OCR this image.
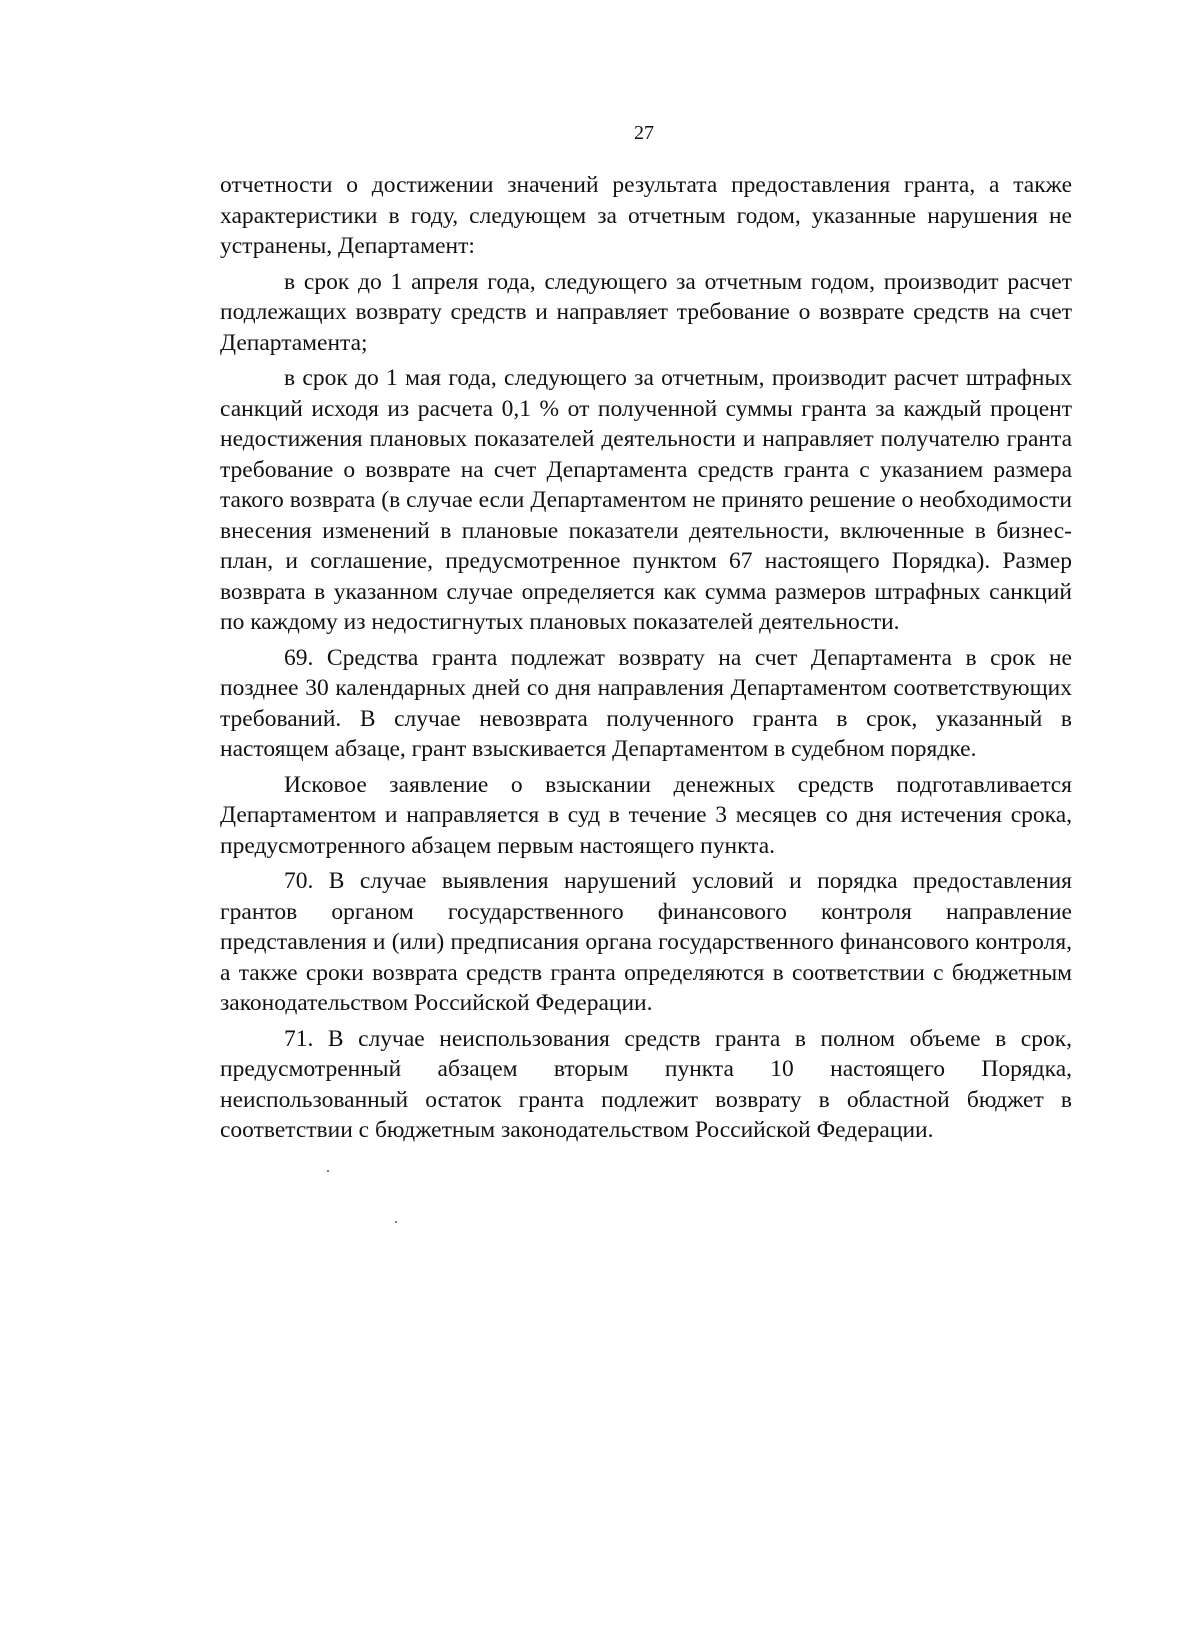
27

отчетности о достижении значений результата предоставления гранта, а также характеристики в году, следующем за отчетным годом, указанные нарушения не устранены, Департамент:

в срок до 1 апреля года, следующего за отчетным годом, производит расчет подлежащих возврату средств и направляет требование о возврате средств на счет Департамента;

в срок до 1 мая года, следующего за отчетным, производит расчет штрафных санкций исходя из расчета 0,1 % от полученной суммы гранта за каждый процент недостижения плановых показателей деятельности и направляет получателю гранта требование о возврате на счет Департамента средств гранта с указанием размера такого возврата (в случае если Департаментом не принято решение о необходимости внесения изменений в плановые показатели деятельности, включенные в бизнес-план, и соглашение, предусмотренное пунктом 67 настоящего Порядка). Размер возврата в указанном случае определяется как сумма размеров штрафных санкций по каждому из недостигнутых плановых показателей деятельности.

69. Средства гранта подлежат возврату на счет Департамента в срок не позднее 30 календарных дней со дня направления Департаментом соответствующих требований. В случае невозврата полученного гранта в срок, указанный в настоящем абзаце, грант взыскивается Департаментом в судебном порядке.

Исковое заявление о взыскании денежных средств подготавливается Департаментом и направляется в суд в течение 3 месяцев со дня истечения срока, предусмотренного абзацем первым настоящего пункта.

70. В случае выявления нарушений условий и порядка предоставления грантов органом государственного финансового контроля направление представления и (или) предписания органа государственного финансового контроля, а также сроки возврата средств гранта определяются в соответствии с бюджетным законодательством Российской Федерации.

71. В случае неиспользования средств гранта в полном объеме в срок, предусмотренный абзацем вторым пункта 10 настоящего Порядка, неиспользованный остаток гранта подлежит возврату в областной бюджет в соответствии с бюджетным законодательством Российской Федерации.
